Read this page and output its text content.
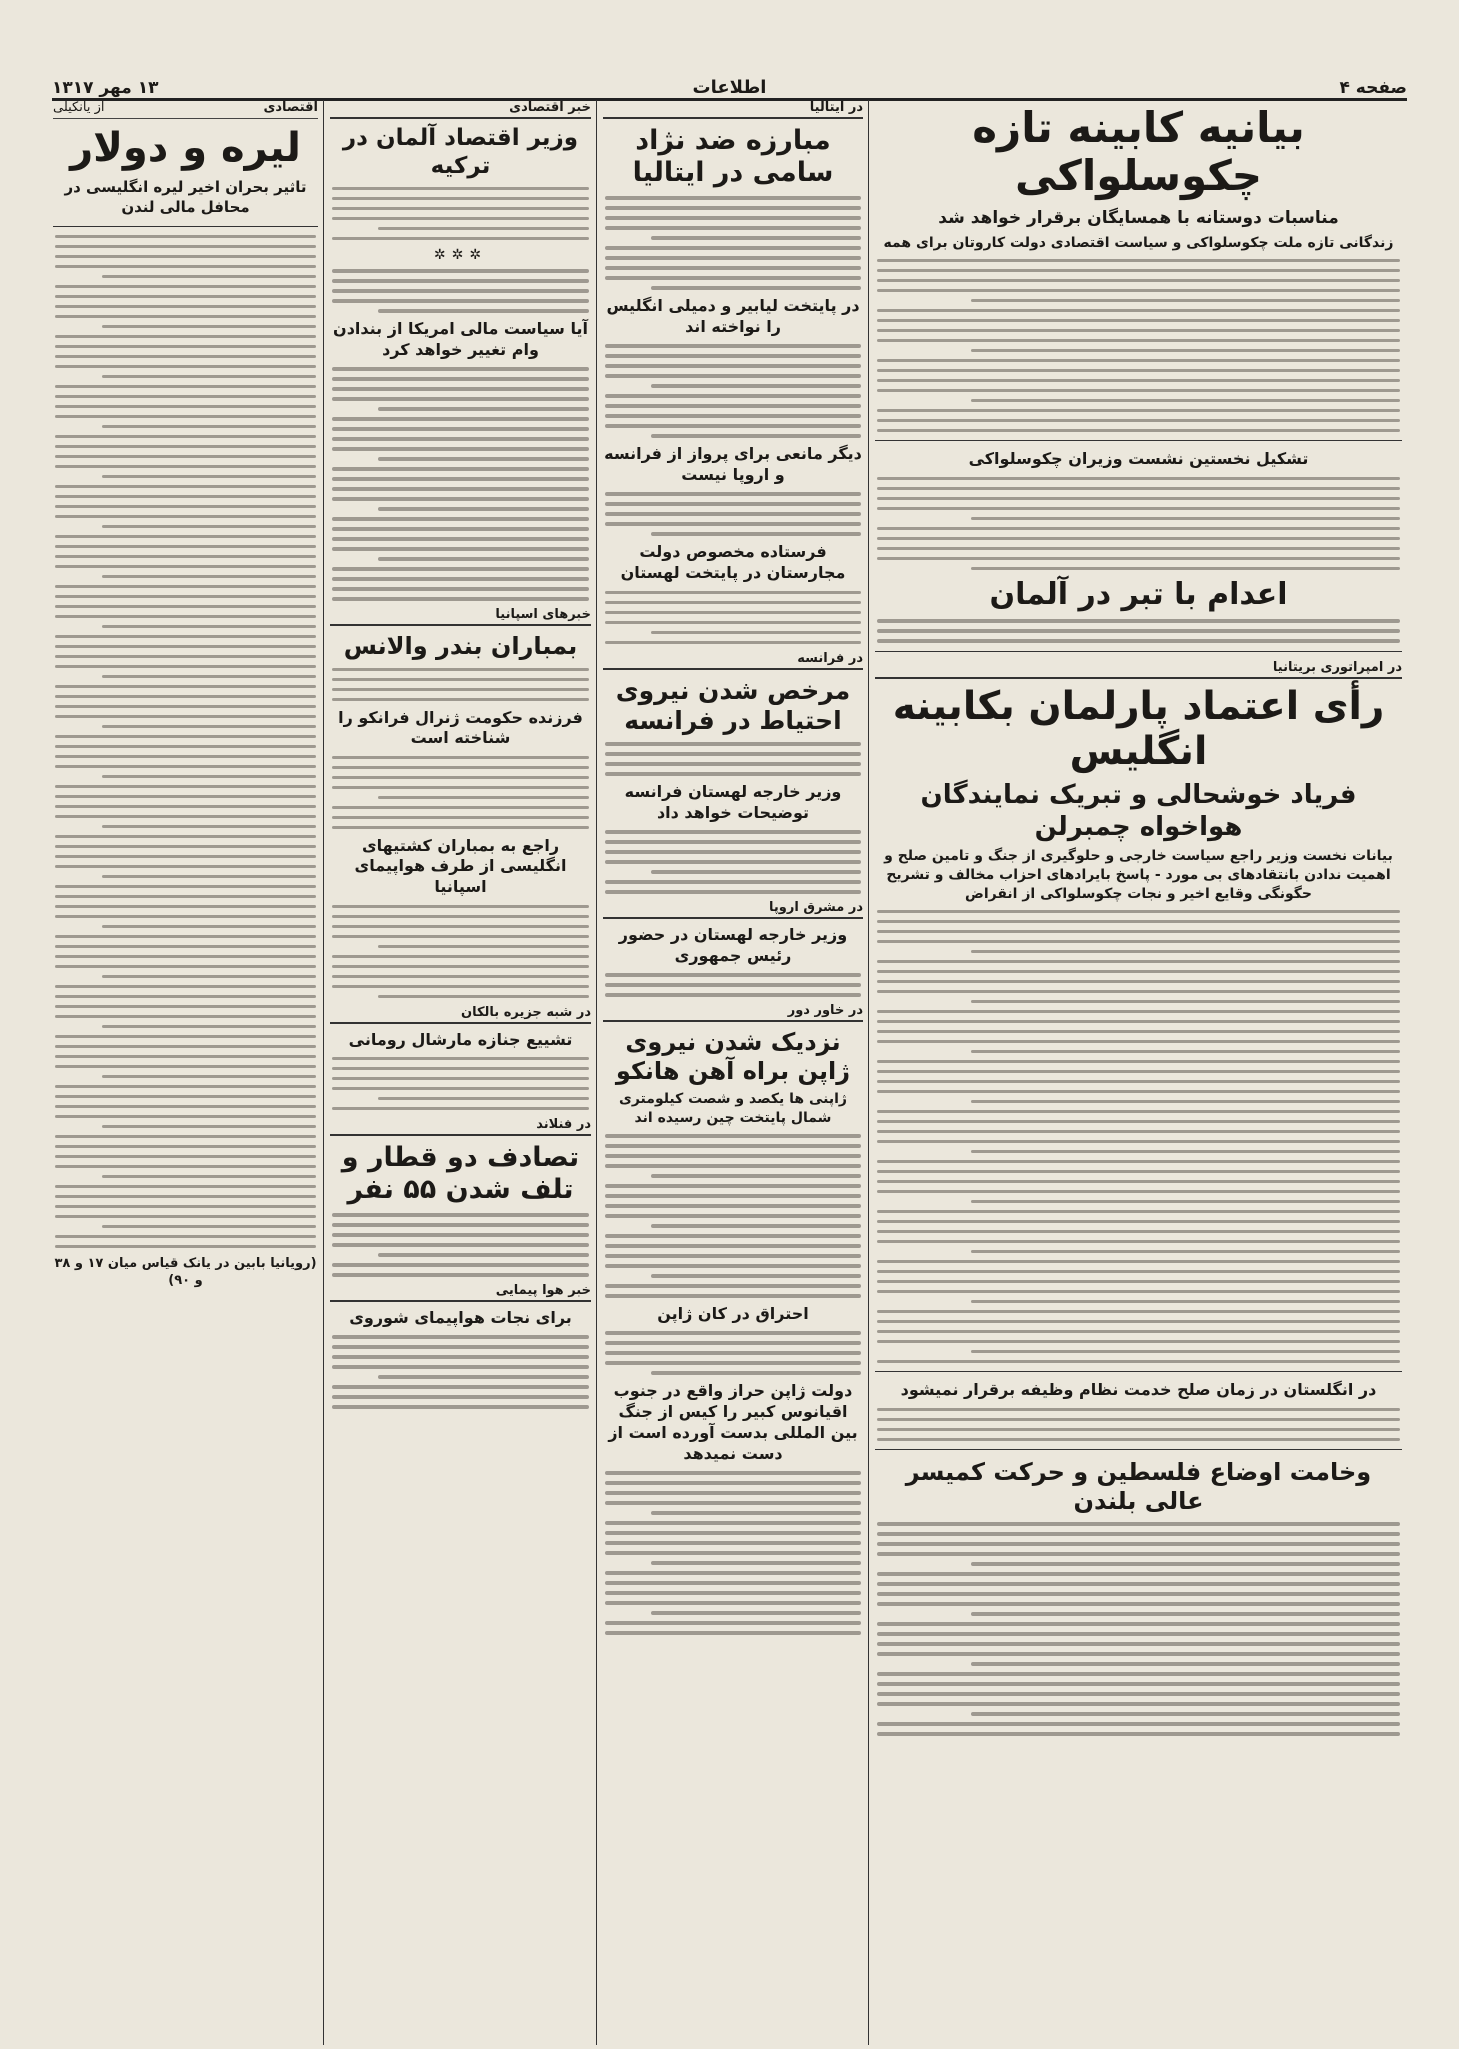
صفحه ۴
اطلاعات
۱۳ مهر ۱۳۱۷
بیانیه کابینه تازه چکوسلواکی
مناسبات دوستانه با همسایگان برقرار خواهد شد
زندگانی تازه ملت چکوسلواکی و سیاست اقتصادی دولت کاروتان برای همه
تشکیل نخستین نشست وزیران چکوسلواکی
اعدام با تبر در آلمان
در امپراتوری بریتانیا
رأی اعتماد پارلمان بکابینه انگلیس
فریاد خوشحالی و تبریک نمایندگان هواخواه چمبرلن
بیانات نخست وزیر راجع سیاست خارجی و حلوگیری از جنگ و تامین صلح و اهمیت ندادن بانتقادهای بی مورد - پاسخ بایرادهای احزاب مخالف و تشریح حگونگی وقایع اخیر و نجات چکوسلواکی از انقراض
در انگلستان در زمان صلح خدمت نظام وظیفه برقرار نمیشود
وخامت اوضاع فلسطین و حرکت کمیسر عالی بلندن
در ایتالیا
مبارزه ضد نژاد سامی در ایتالیا
در پایتخت لیابیر و دمیلی انگلیس را نواخته اند
دیگر مانعی برای پرواز از فرانسه و اروپا نیست
فرستاده مخصوص دولت مجارستان در پایتخت لهستان
در فرانسه
مرخص شدن نیروی احتیاط در فرانسه
وزیر خارجه لهستان فرانسه توضیحات خواهد داد
در مشرق اروپا
وزیر خارجه لهستان در حضور رئیس جمهوری
در خاور دور
نزدیک شدن نیروی ژاپن براه آهن هانکو
ژاپنی ها یکصد و شصت کیلومتری شمال پایتخت چین رسیده اند
احتراق در کان ژاپن
دولت ژاپن حراز واقع در جنوب اقیانوس کبیر را کیس از جنگ بین المللی بدست آورده است از دست نمیدهد
خبر اقتصادی
وزیر اقتصاد آلمان در ترکیه
✲✲✲
آیا سیاست مالی امریکا از بندادن وام تغییر خواهد کرد
خبرهای اسپانیا
بمباران بندر والانس
فرزنده حکومت ژنرال فرانکو را شناخته است
راجع به بمباران کشتیهای انگلیسی از طرف هواپیمای اسپانیا
در شبه جزیره بالکان
تشییع جنازه مارشال رومانی
در فنلاند
تصادف دو قطار و تلف شدن ۵۵ نفر
خبر هوا پیمایی
برای نجات هواپیمای شوروی
اقتصادی
از یانکیلی
لیره و دولار
تاثیر بحران اخیر لیره انگلیسی در محافل مالی لندن
(رویانیا بابین در یانک قیاس میان ۱۷ و ۳۸ و ۹۰)
